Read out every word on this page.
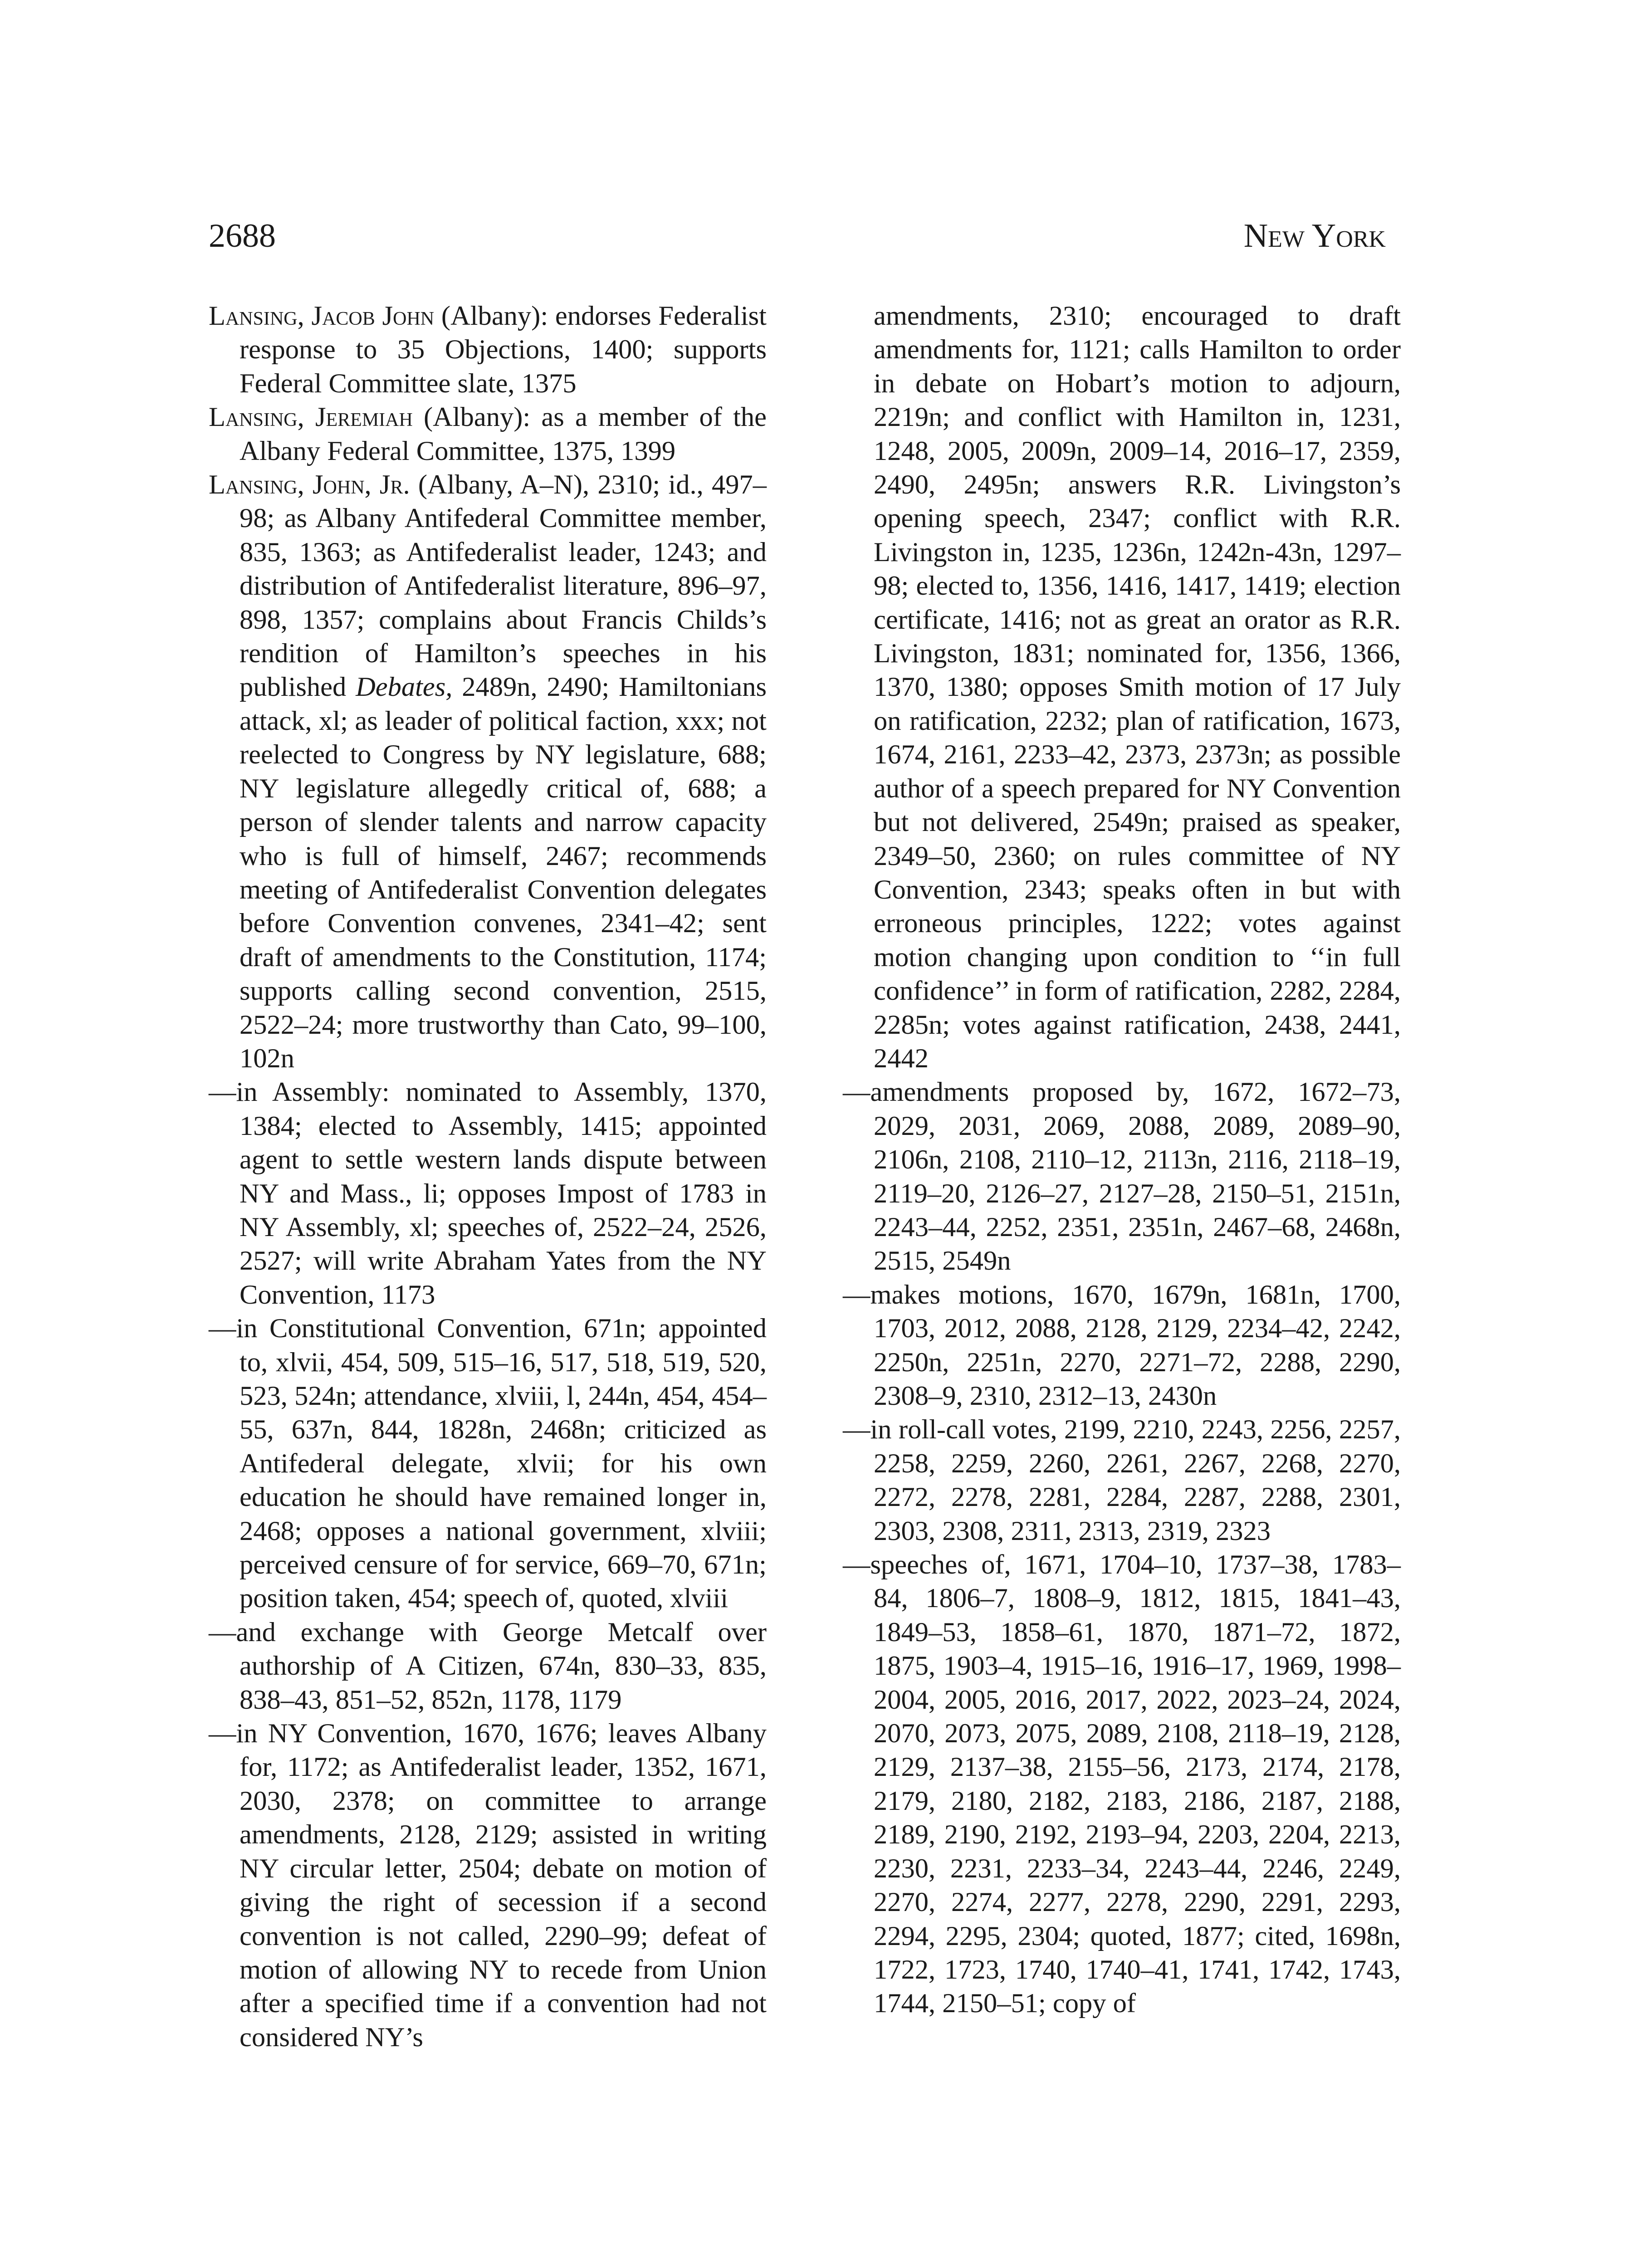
2688	New York

Lansing, Jacob John (Albany): endorses Federalist response to 35 Objections, 1400; supports Federal Committee slate, 1375

Lansing, Jeremiah (Albany): as a member of the Albany Federal Committee, 1375, 1399

Lansing, John, Jr. (Albany, A–N), 2310; id., 497–98; as Albany Antifederal Committee member, 835, 1363; as Antifederalist leader, 1243; and distribution of Antifederalist literature, 896–97, 898, 1357; complains about Francis Childs’s rendition of Hamilton’s speeches in his published Debates, 2489n, 2490; Hamiltonians attack, xl; as leader of political faction, xxx; not reelected to Congress by NY legislature, 688; NY legislature allegedly critical of, 688; a person of slender talents and narrow capacity who is full of himself, 2467; recommends meeting of Antifederalist Convention delegates before Convention convenes, 2341–42; sent draft of amendments to the Constitution, 1174; supports calling second convention, 2515, 2522–24; more trustworthy than Cato, 99–100, 102n

—in Assembly: nominated to Assembly, 1370, 1384; elected to Assembly, 1415; appointed agent to settle western lands dispute between NY and Mass., li; opposes Impost of 1783 in NY Assembly, xl; speeches of, 2522–24, 2526, 2527; will write Abraham Yates from the NY Convention, 1173

—in Constitutional Convention, 671n; appointed to, xlvii, 454, 509, 515–16, 517, 518, 519, 520, 523, 524n; attendance, xlviii, l, 244n, 454, 454–55, 637n, 844, 1828n, 2468n; criticized as Antifederal delegate, xlvii; for his own education he should have remained longer in, 2468; opposes a national government, xlviii; perceived censure of for service, 669–70, 671n; position taken, 454; speech of, quoted, xlviii

—and exchange with George Metcalf over authorship of A Citizen, 674n, 830–33, 835, 838–43, 851–52, 852n, 1178, 1179

—in NY Convention, 1670, 1676; leaves Albany for, 1172; as Antifederalist leader, 1352, 1671, 2030, 2378; on committee to arrange amendments, 2128, 2129; assisted in writing NY circular letter, 2504; debate on motion of giving the right of secession if a second convention is not called, 2290–99; defeat of motion of allowing NY to recede from Union after a specified time if a convention had not considered NY’s

amendments, 2310; encouraged to draft amendments for, 1121; calls Hamilton to order in debate on Hobart’s motion to adjourn, 2219n; and conflict with Hamilton in, 1231, 1248, 2005, 2009n, 2009–14, 2016–17, 2359, 2490, 2495n; answers R.R. Livingston’s opening speech, 2347; conflict with R.R. Livingston in, 1235, 1236n, 1242n-43n, 1297–98; elected to, 1356, 1416, 1417, 1419; election certificate, 1416; not as great an orator as R.R. Livingston, 1831; nominated for, 1356, 1366, 1370, 1380; opposes Smith motion of 17 July on ratification, 2232; plan of ratification, 1673, 1674, 2161, 2233–42, 2373, 2373n; as possible author of a speech prepared for NY Convention but not delivered, 2549n; praised as speaker, 2349–50, 2360; on rules committee of NY Convention, 2343; speaks often in but with erroneous principles, 1222; votes against motion changing upon condition to ‘‘in full confidence’’ in form of ratification, 2282, 2284, 2285n; votes against ratification, 2438, 2441, 2442

—amendments proposed by, 1672, 1672–73, 2029, 2031, 2069, 2088, 2089, 2089–90, 2106n, 2108, 2110–12, 2113n, 2116, 2118–19, 2119–20, 2126–27, 2127–28, 2150–51, 2151n, 2243–44, 2252, 2351, 2351n, 2467–68, 2468n, 2515, 2549n

—makes motions, 1670, 1679n, 1681n, 1700, 1703, 2012, 2088, 2128, 2129, 2234–42, 2242, 2250n, 2251n, 2270, 2271–72, 2288, 2290, 2308–9, 2310, 2312–13, 2430n

—in roll-call votes, 2199, 2210, 2243, 2256, 2257, 2258, 2259, 2260, 2261, 2267, 2268, 2270, 2272, 2278, 2281, 2284, 2287, 2288, 2301, 2303, 2308, 2311, 2313, 2319, 2323

—speeches of, 1671, 1704–10, 1737–38, 1783–84, 1806–7, 1808–9, 1812, 1815, 1841–43, 1849–53, 1858–61, 1870, 1871–72, 1872, 1875, 1903–4, 1915–16, 1916–17, 1969, 1998–2004, 2005, 2016, 2017, 2022, 2023–24, 2024, 2070, 2073, 2075, 2089, 2108, 2118–19, 2128, 2129, 2137–38, 2155–56, 2173, 2174, 2178, 2179, 2180, 2182, 2183, 2186, 2187, 2188, 2189, 2190, 2192, 2193–94, 2203, 2204, 2213, 2230, 2231, 2233–34, 2243–44, 2246, 2249, 2270, 2274, 2277, 2278, 2290, 2291, 2293, 2294, 2295, 2304; quoted, 1877; cited, 1698n, 1722, 1723, 1740, 1740–41, 1741, 1742, 1743, 1744, 2150–51; copy of
